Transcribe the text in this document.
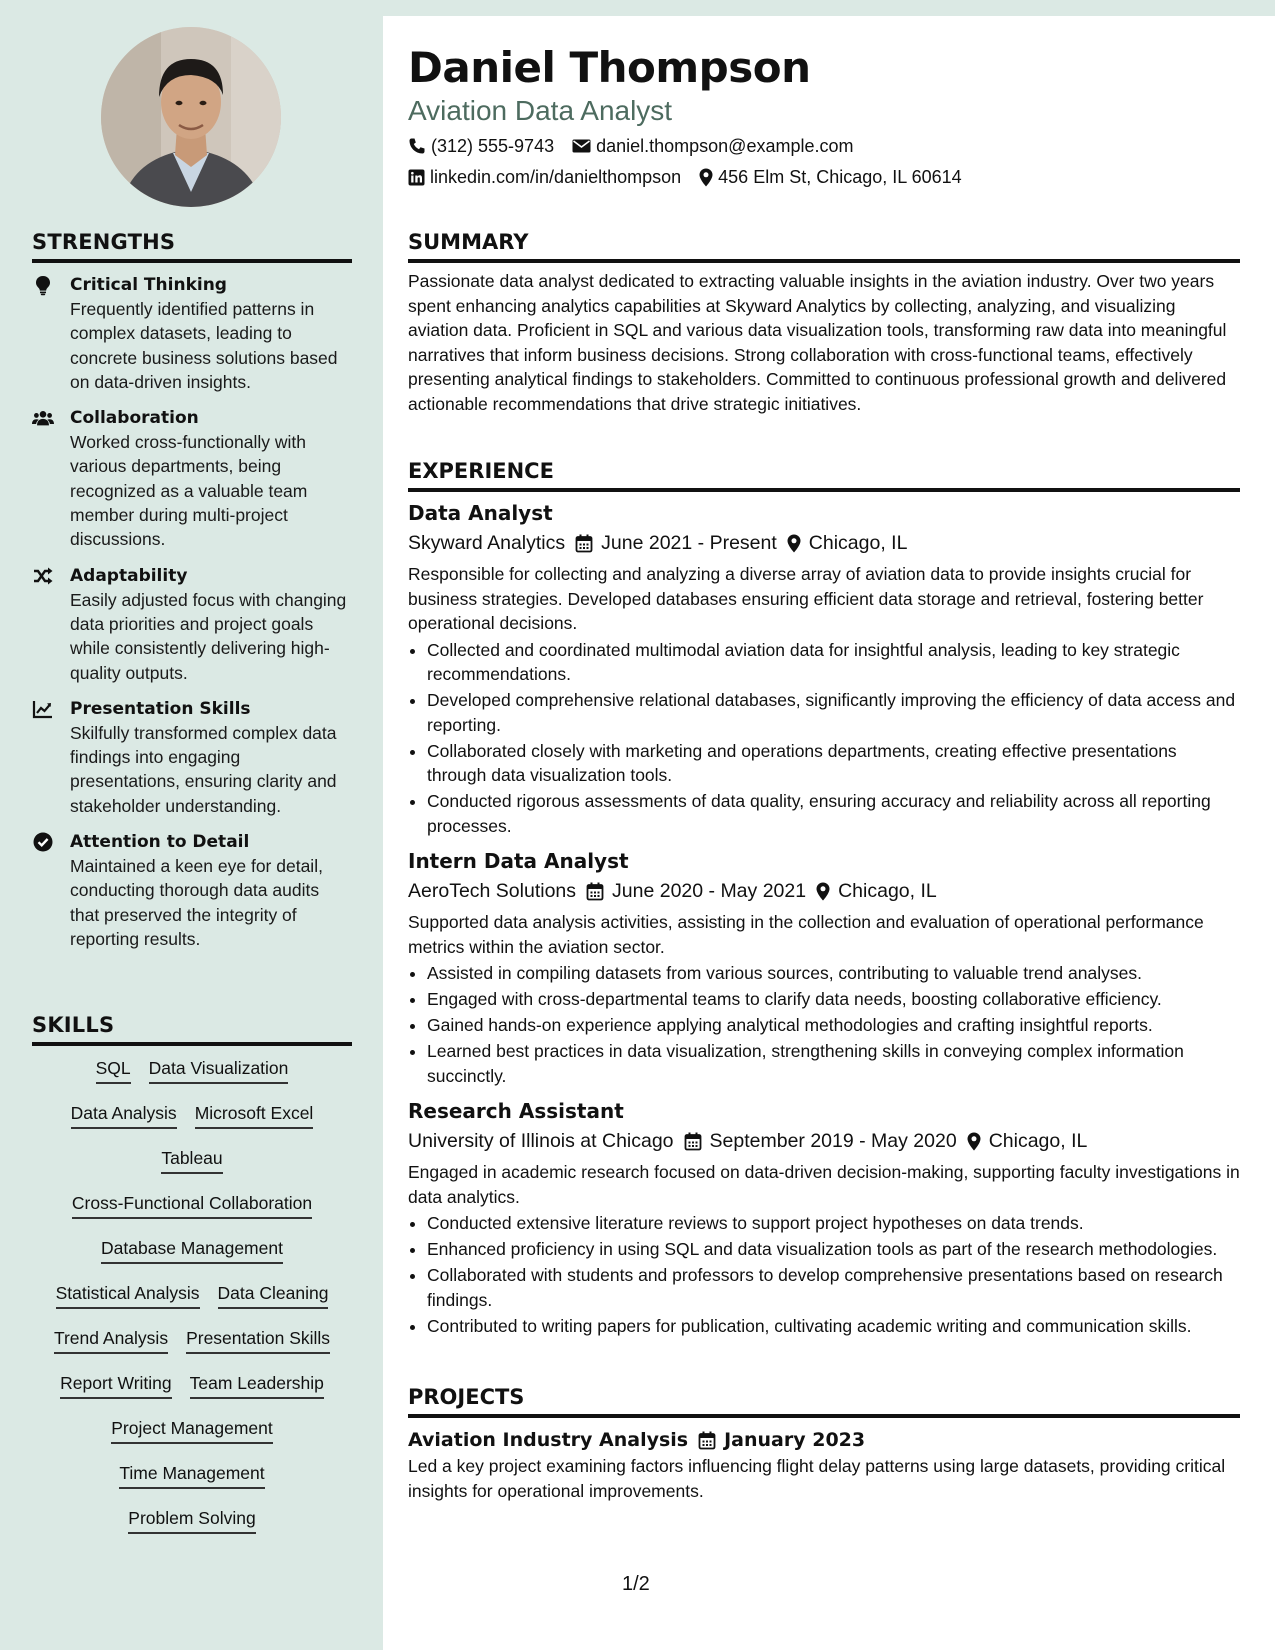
STRENGTHS
Critical Thinking
Frequently identified patterns in complex datasets, leading to concrete business solutions based on data-driven insights.
Collaboration
Worked cross-functionally with various departments, being recognized as a valuable team member during multi-project discussions.
Adaptability
Easily adjusted focus with changing data priorities and project goals while consistently delivering high-quality outputs.
Presentation Skills
Skilfully transformed complex data findings into engaging presentations, ensuring clarity and stakeholder understanding.
Attention to Detail
Maintained a keen eye for detail, conducting thorough data audits that preserved the integrity of reporting results.
SKILLS
SQL Data Visualization
Data Analysis Microsoft Excel
Tableau
Cross-Functional Collaboration
Database Management
Statistical Analysis Data Cleaning
Trend Analysis Presentation Skills
Report Writing Team Leadership
Project Management
Time Management
Problem Solving
Daniel Thompson
Aviation Data Analyst
(312) 555-9743 daniel.thompson@example.com
linkedin.com/in/danielthompson 456 Elm St, Chicago, IL 60614
SUMMARY
Passionate data analyst dedicated to extracting valuable insights in the aviation industry. Over two years spent enhancing analytics capabilities at Skyward Analytics by collecting, analyzing, and visualizing aviation data. Proficient in SQL and various data visualization tools, transforming raw data into meaningful narratives that inform business decisions. Strong collaboration with cross-functional teams, effectively presenting analytical findings to stakeholders. Committed to continuous professional growth and delivered actionable recommendations that drive strategic initiatives.
EXPERIENCE
Data Analyst
Skyward Analytics June 2021 - Present Chicago, IL
Responsible for collecting and analyzing a diverse array of aviation data to provide insights crucial for business strategies. Developed databases ensuring efficient data storage and retrieval, fostering better operational decisions.
• Collected and coordinated multimodal aviation data for insightful analysis, leading to key strategic recommendations.
• Developed comprehensive relational databases, significantly improving the efficiency of data access and reporting.
• Collaborated closely with marketing and operations departments, creating effective presentations through data visualization tools.
• Conducted rigorous assessments of data quality, ensuring accuracy and reliability across all reporting processes.
Intern Data Analyst
AeroTech Solutions June 2020 - May 2021 Chicago, IL
Supported data analysis activities, assisting in the collection and evaluation of operational performance metrics within the aviation sector.
• Assisted in compiling datasets from various sources, contributing to valuable trend analyses.
• Engaged with cross-departmental teams to clarify data needs, boosting collaborative efficiency.
• Gained hands-on experience applying analytical methodologies and crafting insightful reports.
• Learned best practices in data visualization, strengthening skills in conveying complex information succinctly.
Research Assistant
University of Illinois at Chicago September 2019 - May 2020 Chicago, IL
Engaged in academic research focused on data-driven decision-making, supporting faculty investigations in data analytics.
• Conducted extensive literature reviews to support project hypotheses on data trends.
• Enhanced proficiency in using SQL and data visualization tools as part of the research methodologies.
• Collaborated with students and professors to develop comprehensive presentations based on research findings.
• Contributed to writing papers for publication, cultivating academic writing and communication skills.
PROJECTS
Aviation Industry Analysis January 2023
Led a key project examining factors influencing flight delay patterns using large datasets, providing critical insights for operational improvements.
1/2
